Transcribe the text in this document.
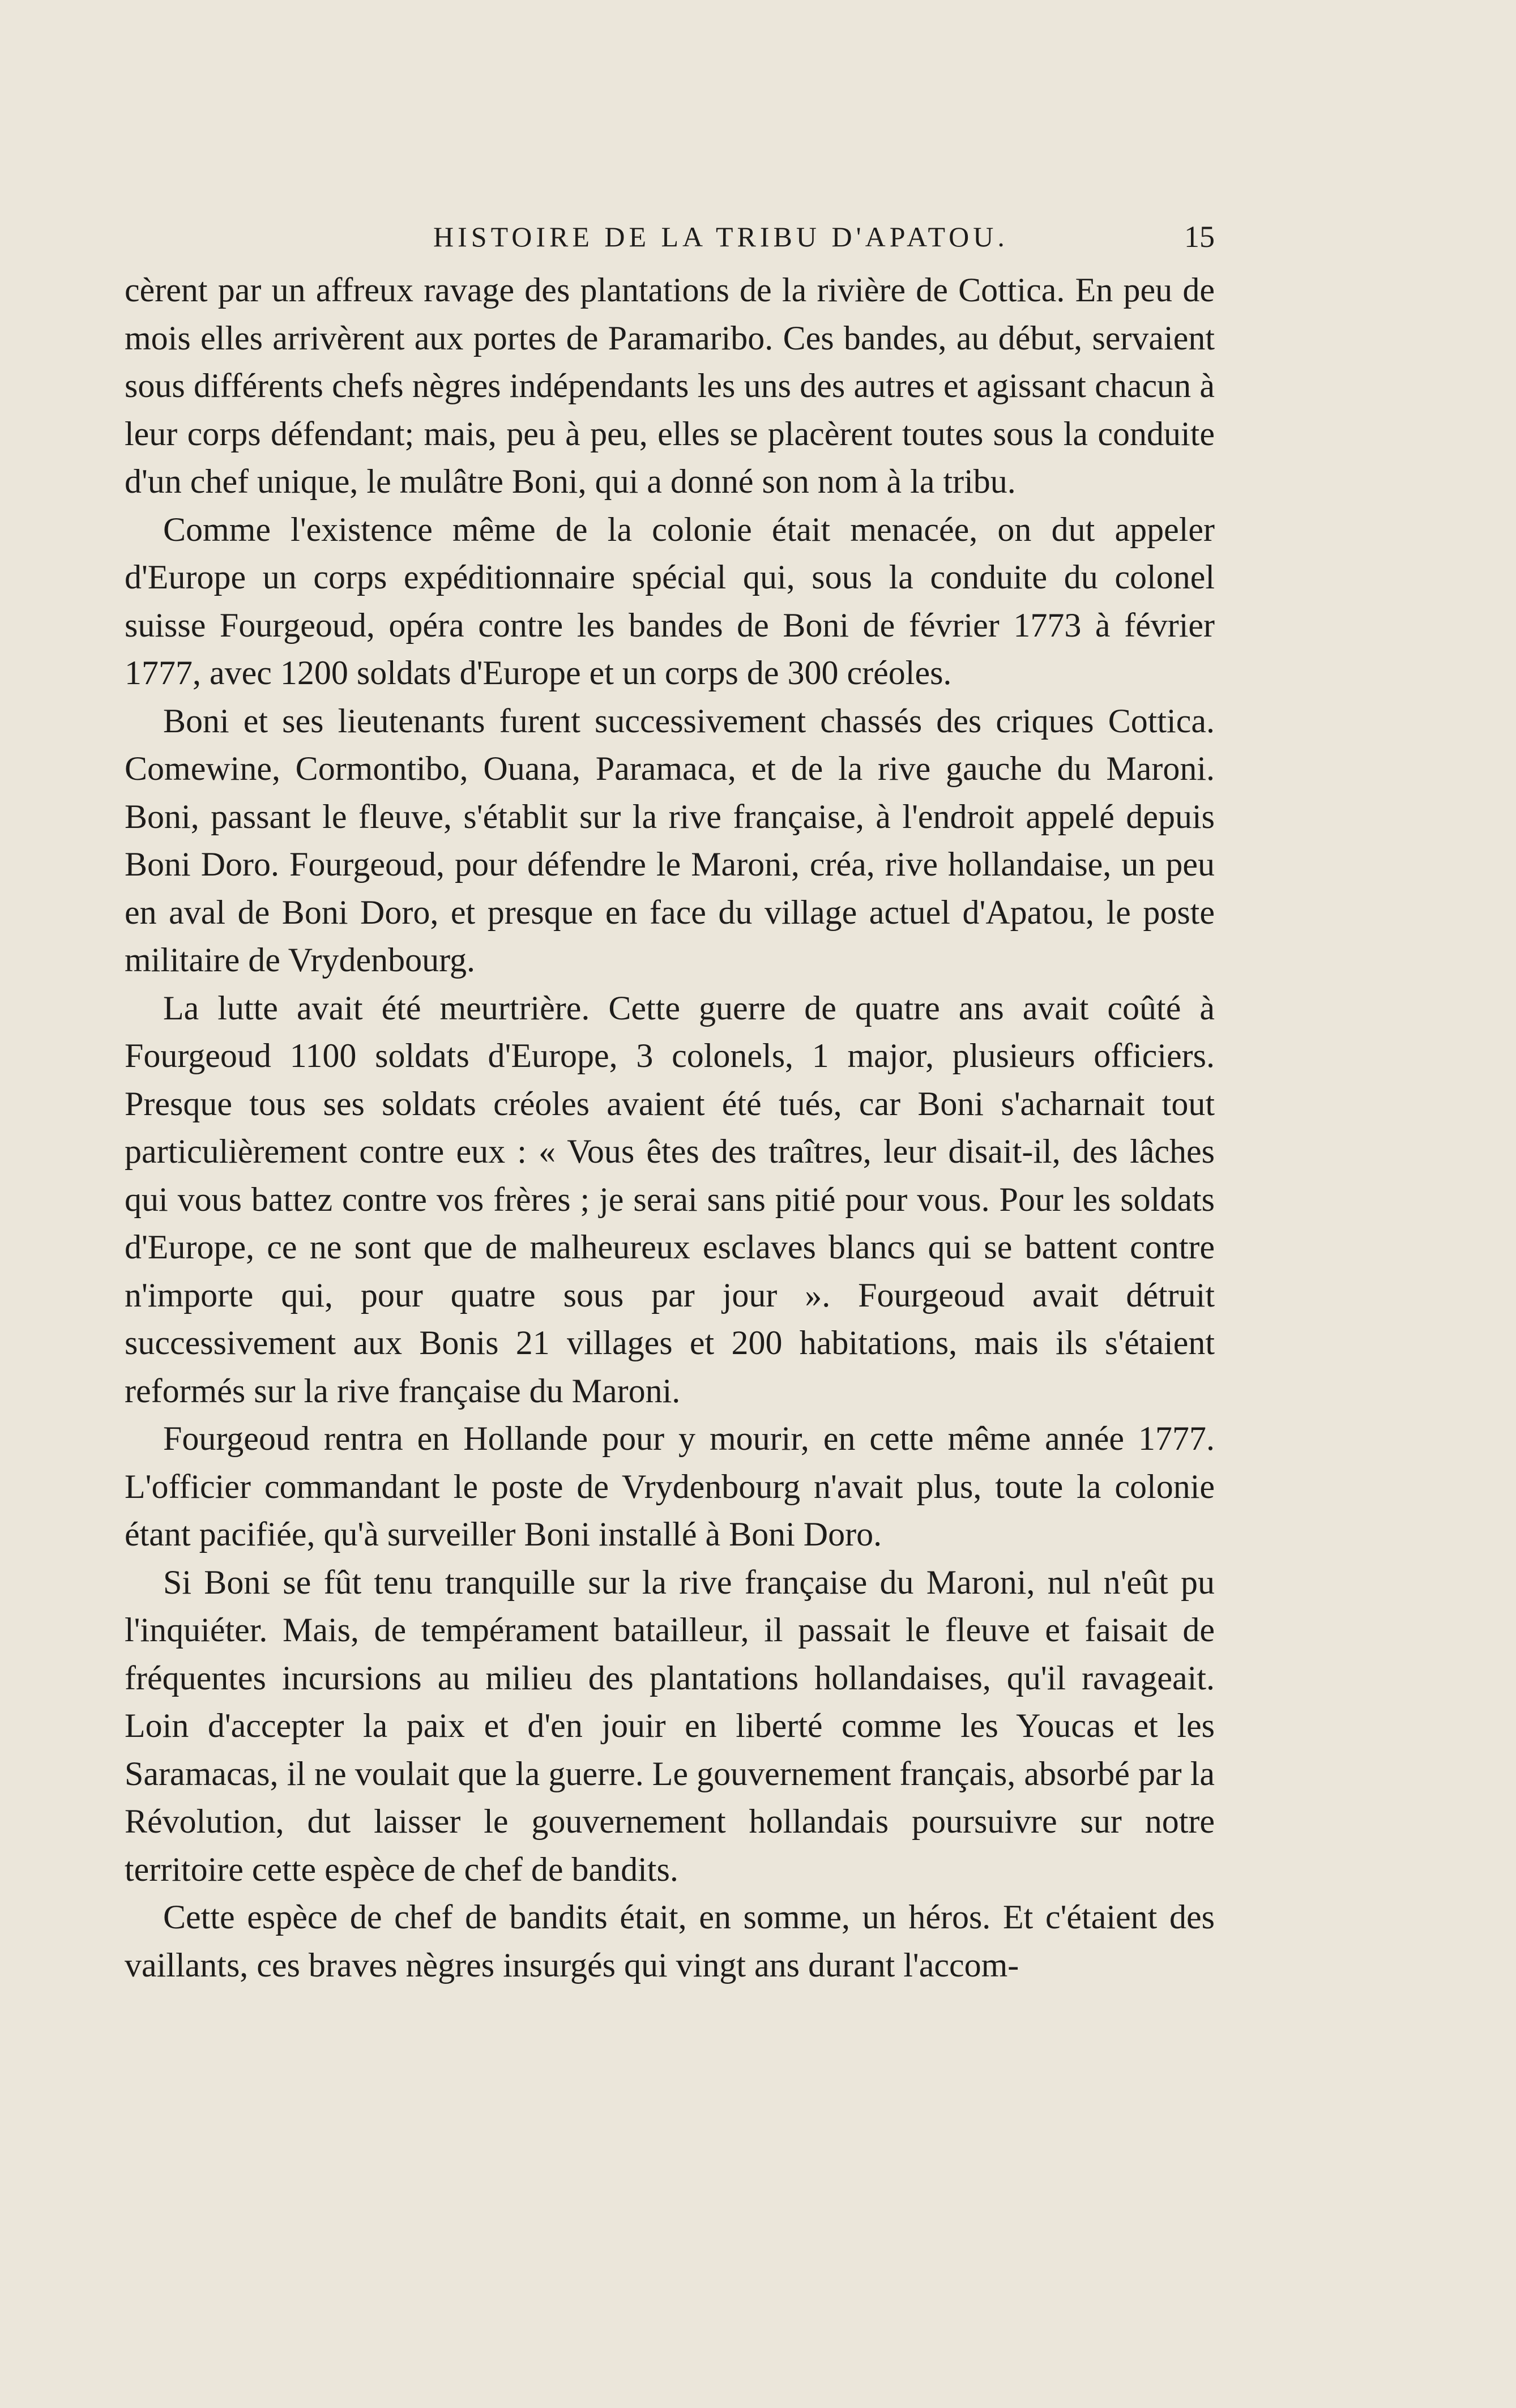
HISTOIRE DE LA TRIBU D'APATOU.	15

cèrent par un affreux ravage des plantations de la rivière de Cottica. En peu de mois elles arrivèrent aux portes de Paramaribo. Ces bandes, au début, servaient sous différents chefs nègres indépendants les uns des autres et agissant chacun à leur corps défendant; mais, peu à peu, elles se placèrent toutes sous la conduite d'un chef unique, le mulâtre Boni, qui a donné son nom à la tribu.

Comme l'existence même de la colonie était menacée, on dut appeler d'Europe un corps expéditionnaire spécial qui, sous la conduite du colonel suisse Fourgeoud, opéra contre les bandes de Boni de février 1773 à février 1777, avec 1200 soldats d'Europe et un corps de 300 créoles.

Boni et ses lieutenants furent successivement chassés des criques Cottica. Comewine, Cormontibo, Ouana, Paramaca, et de la rive gauche du Maroni. Boni, passant le fleuve, s'établit sur la rive française, à l'endroit appelé depuis Boni Doro. Fourgeoud, pour défendre le Maroni, créa, rive hollandaise, un peu en aval de Boni Doro, et presque en face du village actuel d'Apatou, le poste militaire de Vrydenbourg.

La lutte avait été meurtrière. Cette guerre de quatre ans avait coûté à Fourgeoud 1100 soldats d'Europe, 3 colonels, 1 major, plusieurs officiers. Presque tous ses soldats créoles avaient été tués, car Boni s'acharnait tout particulièrement contre eux : « Vous êtes des traîtres, leur disait-il, des lâches qui vous battez contre vos frères ; je serai sans pitié pour vous. Pour les soldats d'Europe, ce ne sont que de malheureux esclaves blancs qui se battent contre n'importe qui, pour quatre sous par jour ». Fourgeoud avait détruit successivement aux Bonis 21 villages et 200 habitations, mais ils s'étaient reformés sur la rive française du Maroni.

Fourgeoud rentra en Hollande pour y mourir, en cette même année 1777. L'officier commandant le poste de Vrydenbourg n'avait plus, toute la colonie étant pacifiée, qu'à surveiller Boni installé à Boni Doro.

Si Boni se fût tenu tranquille sur la rive française du Maroni, nul n'eût pu l'inquiéter. Mais, de tempérament batailleur, il passait le fleuve et faisait de fréquentes incursions au milieu des plantations hollandaises, qu'il ravageait. Loin d'accepter la paix et d'en jouir en liberté comme les Youcas et les Saramacas, il ne voulait que la guerre. Le gouvernement français, absorbé par la Révolution, dut laisser le gouvernement hollandais poursuivre sur notre territoire cette espèce de chef de bandits.

Cette espèce de chef de bandits était, en somme, un héros. Et c'étaient des vaillants, ces braves nègres insurgés qui vingt ans durant l'accom-
